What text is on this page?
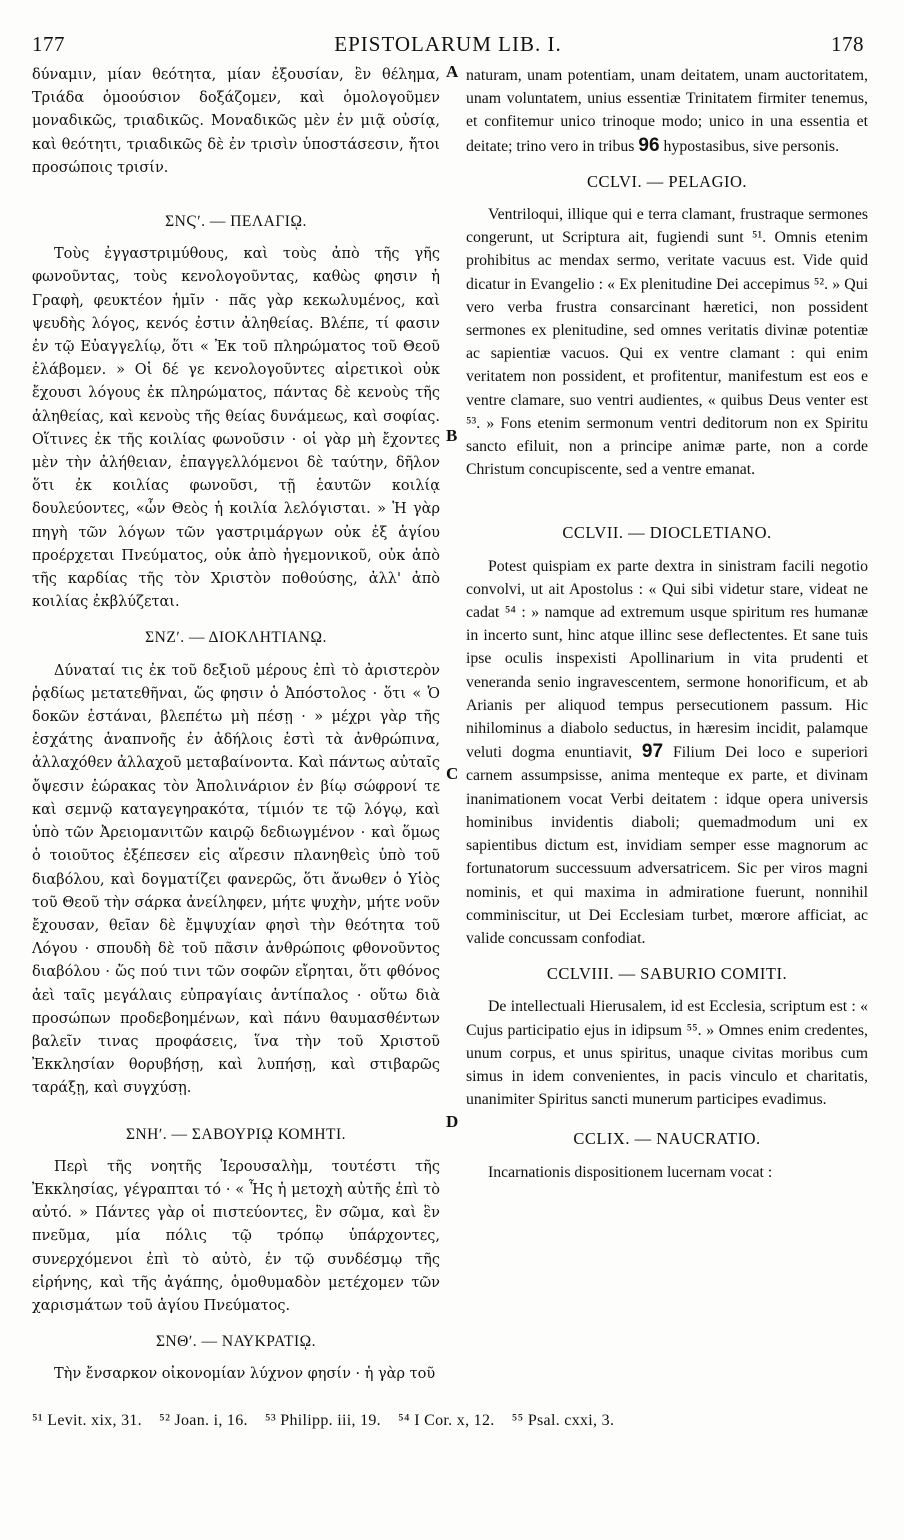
177	EPISTOLARUM LIB. I.	178
A
B
C
D

δύναμιν, μίαν θεότητα, μίαν ἐξουσίαν, ἓν θέλημα, Τριάδα ὁμοούσιον δοξάζομεν, καὶ ὁμολογοῦμεν μοναδικῶς, τριαδικῶς. Μοναδικῶς μὲν ἐν μιᾷ οὐσίᾳ, καὶ θεότητι, τριαδικῶς δὲ ἐν τρισὶν ὑποστάσεσιν, ἤτοι προσώποις τρισίν.

ΣΝϚʹ. — ΠΕΛΑΓΙῼ.

Τοὺς ἐγγαστριμύθους, καὶ τοὺς ἀπὸ τῆς γῆς φωνοῦντας, τοὺς κενολογοῦντας, καθὼς φησιν ἡ Γραφὴ, φευκτέον ἡμῖν · πᾶς γὰρ κεκωλυμένος, καὶ ψευδὴς λόγος, κενός ἐστιν ἀληθείας. Βλέπε, τί φασιν ἐν τῷ Εὐαγγελίῳ, ὅτι « Ἐκ τοῦ πληρώματος τοῦ Θεοῦ ἐλάβομεν. » Οἱ δέ γε κενολογοῦντες αἱρετικοὶ οὐκ ἔχουσι λόγους ἐκ πληρώματος, πάντας δὲ κενοὺς τῆς ἀληθείας, καὶ κενοὺς τῆς θείας δυνάμεως, καὶ σοφίας. Οἵτινες ἐκ τῆς κοιλίας φωνοῦσιν · οἱ γὰρ μὴ ἔχοντες μὲν τὴν ἀλήθειαν, ἐπαγγελλόμενοι δὲ ταύτην, δῆλον ὅτι ἐκ κοιλίας φωνοῦσι, τῇ ἑαυτῶν κοιλίᾳ δουλεύοντες, «ὧν Θεὸς ἡ κοιλία λελόγισται. » Ἡ γὰρ πηγὴ τῶν λόγων τῶν γαστριμάργων οὐκ ἐξ ἁγίου προέρχεται Πνεύματος, οὐκ ἀπὸ ἡγεμονικοῦ, οὐκ ἀπὸ τῆς καρδίας τῆς τὸν Χριστὸν ποθούσης, ἀλλ' ἀπὸ κοιλίας ἐκβλύζεται.

ΣΝΖʹ. — ΔΙΟΚΛΗΤΙΑΝῼ.

Δύναταί τις ἐκ τοῦ δεξιοῦ μέρους ἐπὶ τὸ ἀριστερὸν ῥᾳδίως μετατεθῆναι, ὥς φησιν ὁ Ἀπόστολος · ὅτι « Ὁ δοκῶν ἑστάναι, βλεπέτω μὴ πέσῃ · » μέχρι γὰρ τῆς ἐσχάτης ἀναπνοῆς ἐν ἀδήλοις ἐστὶ τὰ ἀνθρώπινα, ἀλλαχόθεν ἀλλαχοῦ μεταβαίνοντα. Καὶ πάντως αὐταῖς ὄψεσιν ἑώρακας τὸν Ἀπολινάριον ἐν βίῳ σώφρονί τε καὶ σεμνῷ καταγεγηρακότα, τίμιόν τε τῷ λόγῳ, καὶ ὑπὸ τῶν Ἀρειομανιτῶν καιρῷ δεδιωγμένον · καὶ ὅμως ὁ τοιοῦτος ἐξέπεσεν εἰς αἵρεσιν πλανηθεὶς ὑπὸ τοῦ διαβόλου, καὶ δογματίζει φανερῶς, ὅτι ἄνωθεν ὁ Υἱὸς τοῦ Θεοῦ τὴν σάρκα ἀνείληφεν, μήτε ψυχὴν, μήτε νοῦν ἔχουσαν, θεῖαν δὲ ἔμψυχίαν φησὶ τὴν θεότητα τοῦ Λόγου · σπουδὴ δὲ τοῦ πᾶσιν ἀνθρώποις φθονοῦντος διαβόλου · ὥς πού τινι τῶν σοφῶν εἴρηται, ὅτι φθόνος ἀεὶ ταῖς μεγάλαις εὐπραγίαις ἀντίπαλος · οὕτω διὰ προσώπων προδεβοημένων, καὶ πάνυ θαυμασθέντων βαλεῖν τινας προφάσεις, ἵνα τὴν τοῦ Χριστοῦ Ἐκκλησίαν θορυβήσῃ, καὶ λυπήσῃ, καὶ στιβαρῶς ταράξῃ, καὶ συγχύσῃ.

ΣΝΗʹ. — ΣΑΒΟΥΡΙῼ ΚΟΜΗΤΙ.

Περὶ τῆς νοητῆς Ἱερουσαλὴμ, τουτέστι τῆς Ἐκκλησίας, γέγραπται τό · « Ἧς ἡ μετοχὴ αὐτῆς ἐπὶ τὸ αὐτό. » Πάντες γὰρ οἱ πιστεύοντες, ἓν σῶμα, καὶ ἓν πνεῦμα, μία πόλις τῷ τρόπῳ ὑπάρχοντες, συνερχόμενοι ἐπὶ τὸ αὐτὸ, ἐν τῷ συνδέσμῳ τῆς εἰρήνης, καὶ τῆς ἀγάπης, ὁμοθυμαδὸν μετέχομεν τῶν χαρισμάτων τοῦ ἁγίου Πνεύματος.

ΣΝΘʹ. — ΝΑΥΚΡΑΤΙῼ.

Τὴν ἔνσαρκον οἰκονομίαν λύχνον φησίν · ἡ γὰρ τοῦ

naturam, unam potentiam, unam deitatem, unam auctoritatem, unam voluntatem, unius essentiæ Trinitatem firmiter tenemus, et confitemur unico trinoque modo; unico in una essentia et deitate; trino vero in tribus 96 hypostasibus, sive personis.

CCLVI. — PELAGIO.

Ventriloqui, illique qui e terra clamant, frustraque sermones congerunt, ut Scriptura ait, fugiendi sunt ⁵¹. Omnis etenim prohibitus ac mendax sermo, veritate vacuus est. Vide quid dicatur in Evangelio : « Ex plenitudine Dei accepimus ⁵². » Qui vero verba frustra consarcinant hæretici, non possident sermones ex plenitudine, sed omnes veritatis divinæ potentiæ ac sapientiæ vacuos. Qui ex ventre clamant : qui enim veritatem non possident, et profitentur, manifestum est eos e ventre clamare, suo ventri audientes, « quibus Deus venter est ⁵³. » Fons etenim sermonum ventri deditorum non ex Spiritu sancto efiluit, non a principe animæ parte, non a corde Christum concupiscente, sed a ventre emanat.

CCLVII. — DIOCLETIANO.

Potest quispiam ex parte dextra in sinistram facili negotio convolvi, ut ait Apostolus : « Qui sibi videtur stare, videat ne cadat ⁵⁴ : » namque ad extremum usque spiritum res humanæ in incerto sunt, hinc atque illinc sese deflectentes. Et sane tuis ipse oculis inspexisti Apollinarium in vita prudenti et veneranda senio ingravescentem, sermone honorificum, et ab Arianis per aliquod tempus persecutionem passum. Hic nihilominus a diabolo seductus, in hæresim incidit, palamque veluti dogma enuntiavit, 97 Filium Dei loco e superiori carnem assumpsisse, anima menteque ex parte, et divinam inanimationem vocat Verbi deitatem : idque opera universis hominibus invidentis diaboli; quemadmodum uni ex sapientibus dictum est, invidiam semper esse magnorum ac fortunatorum successuum adversatricem. Sic per viros magni nominis, et qui maxima in admiratione fuerunt, nonnihil comminiscitur, ut Dei Ecclesiam turbet, mœrore afficiat, ac valide concussam confodiat.

CCLVIII. — SABURIO COMITI.

De intellectuali Hierusalem, id est Ecclesia, scriptum est : « Cujus participatio ejus in idipsum ⁵⁵. » Omnes enim credentes, unum corpus, et unus spiritus, unaque civitas moribus cum simus in idem convenientes, in pacis vinculo et charitatis, unanimiter Spiritus sancti munerum participes evadimus.

CCLIX. — NAUCRATIO.

Incarnationis dispositionem lucernam vocat :

⁵¹ Levit. xix, 31.    ⁵² Joan. i, 16.    ⁵³ Philipp. iii, 19.    ⁵⁴ I Cor. x, 12.    ⁵⁵ Psal. cxxi, 3.
